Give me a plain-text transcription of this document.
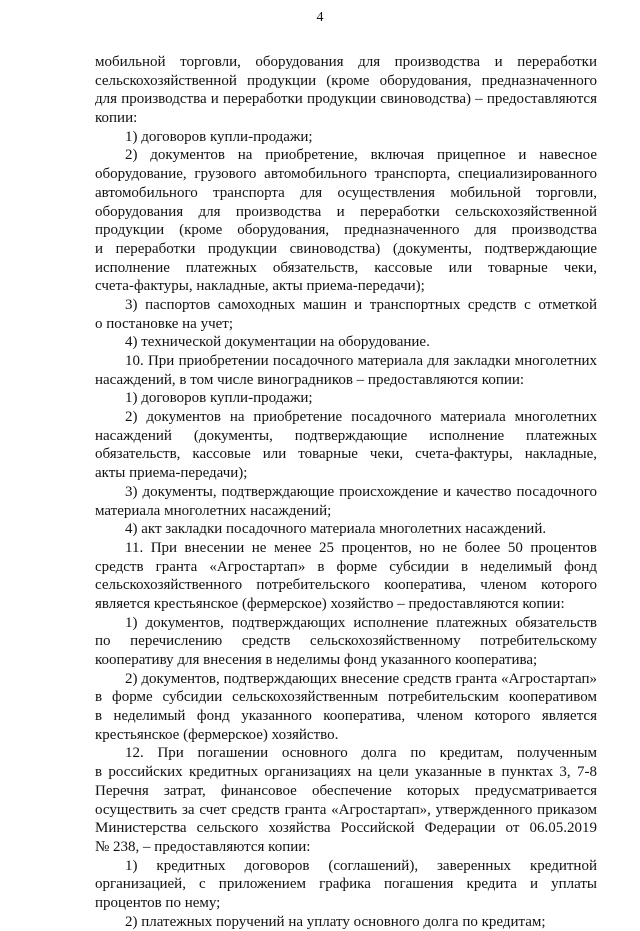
4
мобильной торговли, оборудования для производства и переработки
сельскохозяйственной продукции (кроме оборудования, предназначенного
для производства и переработки продукции свиноводства) – предоставляются
копии:
1) договоров купли-продажи;
2) документов на приобретение, включая прицепное и навесное
оборудование, грузового автомобильного транспорта, специализированного
автомобильного транспорта для осуществления мобильной торговли,
оборудования для производства и переработки сельскохозяйственной
продукции (кроме оборудования, предназначенного для производства
и переработки продукции свиноводства) (документы, подтверждающие
исполнение платежных обязательств, кассовые или товарные чеки,
счета-фактуры, накладные, акты приема-передачи);
3) паспортов самоходных машин и транспортных средств с отметкой
о постановке на учет;
4) технической документации на оборудование.
10. При приобретении посадочного материала для закладки многолетних
насаждений, в том числе виноградников – предоставляются копии:
1) договоров купли-продажи;
2) документов на приобретение посадочного материала многолетних
насаждений (документы, подтверждающие исполнение платежных
обязательств, кассовые или товарные чеки, счета-фактуры, накладные,
акты приема-передачи);
3) документы, подтверждающие происхождение и качество посадочного
материала многолетних насаждений;
4) акт закладки посадочного материала многолетних насаждений.
11. При внесении не менее 25 процентов, но не более 50 процентов
средств гранта «Агростартап» в форме субсидии в неделимый фонд
сельскохозяйственного потребительского кооператива, членом которого
является крестьянское (фермерское) хозяйство – предоставляются копии:
1) документов, подтверждающих исполнение платежных обязательств
по перечислению средств сельскохозяйственному потребительскому
кооперативу для внесения в неделимы фонд указанного кооператива;
2) документов, подтверждающих внесение средств гранта «Агростартап»
в форме субсидии сельскохозяйственным потребительским кооперативом
в неделимый фонд указанного кооператива, членом которого является
крестьянское (фермерское) хозяйство.
12. При погашении основного долга по кредитам, полученным
в российских кредитных организациях на цели указанные в пунктах 3, 7-8
Перечня затрат, финансовое обеспечение которых предусматривается
осуществить за счет средств гранта «Агростартап», утвержденного приказом
Министерства сельского хозяйства Российской Федерации от 06.05.2019
№ 238, – предоставляются копии:
1) кредитных договоров (соглашений), заверенных кредитной
организацией, с приложением графика погашения кредита и уплаты
процентов по нему;
2) платежных поручений на уплату основного долга по кредитам;
